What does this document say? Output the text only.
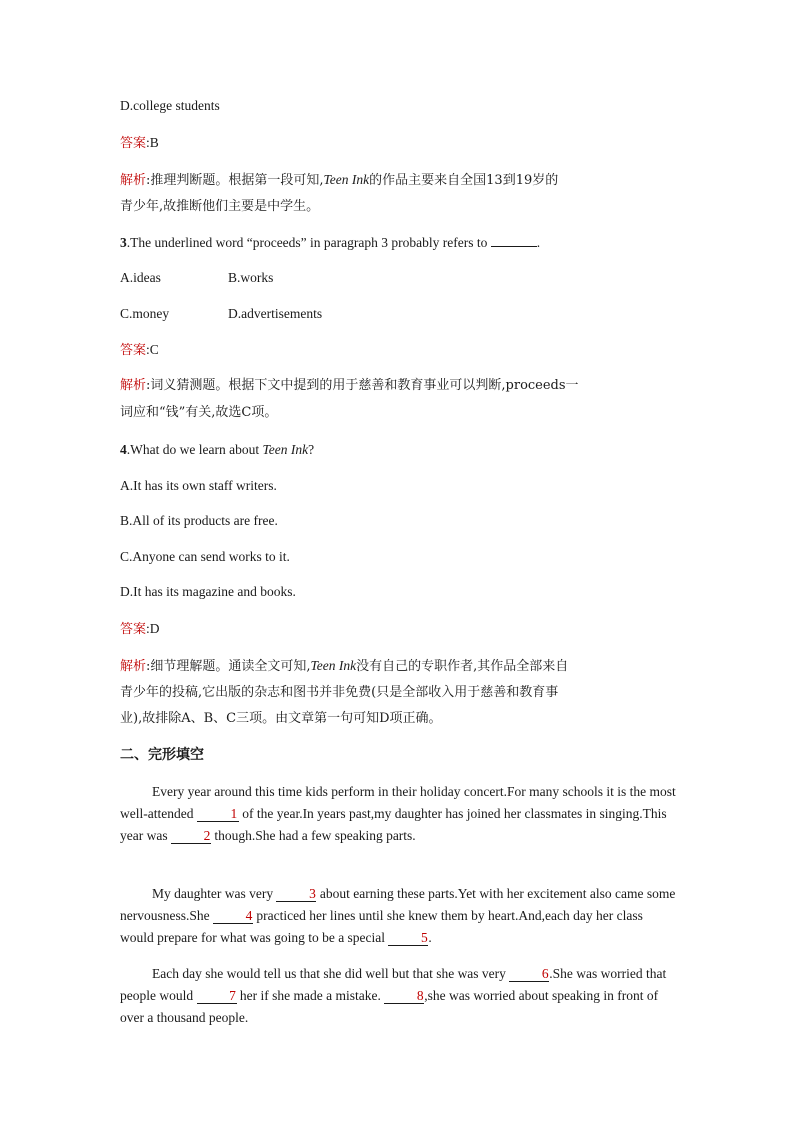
D.college students
答案:B
解析:推理判断题。根据第一段可知,Teen Ink的作品主要来自全国13到19岁的
青少年,故推断他们主要是中学生。
3.The underlined word “proceeds” in paragraph 3 probably refers to	.
A.ideas	B.works
C.money	D.advertisements
答案:C
解析:词义猜测题。根据下文中提到的用于慈善和教育事业可以判断,proceeds一
词应和“钱”有关,故选C项。
4.What do we learn about Teen Ink?
A.It has its own staff writers.
B.All of its products are free.
C.Anyone can send works to it.
D.It has its magazine and books.
答案:D
解析:细节理解题。通读全文可知,Teen Ink没有自己的专职作者,其作品全部来自
青少年的投稿,它出版的杂志和图书并非免费(只是全部收入用于慈善和教育事
业),故排除A、B、C三项。由文章第一句可知D项正确。
二、完形填空
Every year around this time kids perform in their holiday concert.For many schools it is the most well-attended 1 of the year.In years past,my daughter has joined her classmates in singing.This year was 2 though.She had a few speaking parts.
My daughter was very 3 about earning these parts.Yet with her excitement also came some nervousness.She 4 practiced her lines until she knew them by heart.And,each day her class would prepare for what was going to be a special 5.
Each day she would tell us that she did well but that she was very 6.She was worried that people would 7 her if she made a mistake. 8,she was worried about speaking in front of over a thousand people.
